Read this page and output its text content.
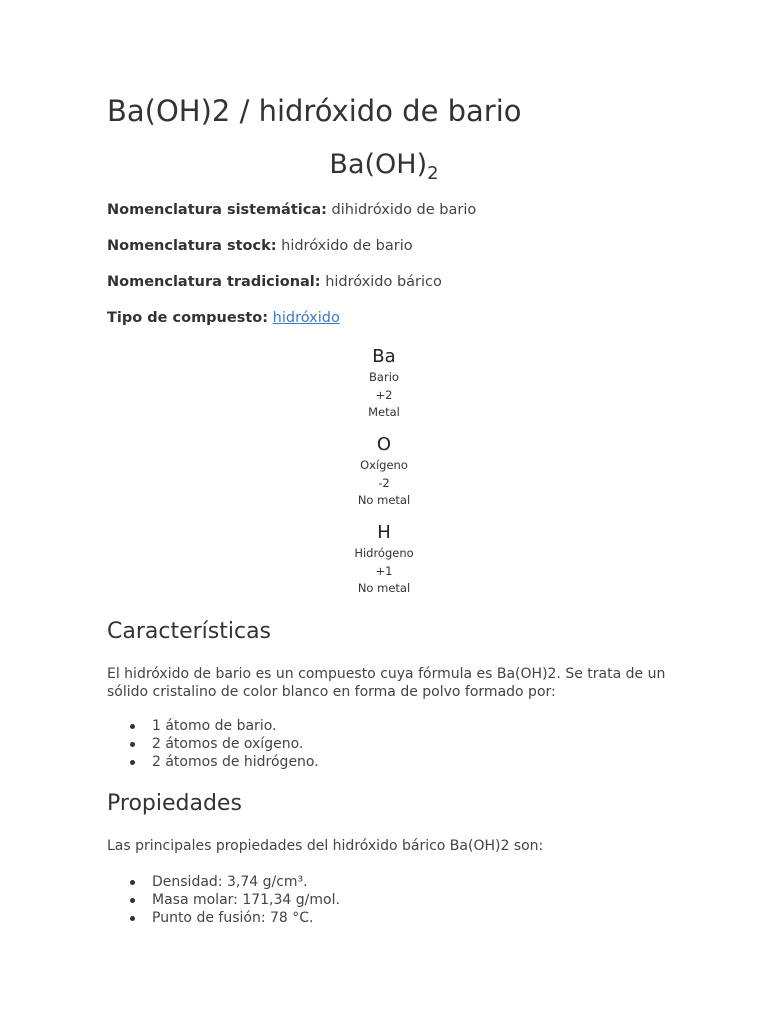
Ba(OH)2 / hidróxido de bario
$Ba(OH)_2$

Nomenclatura sistemática: dihidróxido de bario

Nomenclatura stock: hidróxido de bario

Nomenclatura tradicional: hidróxido bárico

Tipo de compuesto: hidróxido

Ba
Bario
+2
Metal
O
Oxígeno
-2
No metal
H
Hidrógeno
+1
No metal
Características

El hidróxido de bario es un compuesto cuya fórmula es Ba(OH)2. Se trata de un sólido cristalino de color blanco en forma de polvo formado por:

1 átomo de bario.
2 átomos de oxígeno.
2 átomos de hidrógeno.
Propiedades

Las principales propiedades del hidróxido bárico Ba(OH)2 son:

Densidad: 3,74 g/cm³.
Masa molar: 171,34 g/mol.
Punto de fusión: 78 °C.
